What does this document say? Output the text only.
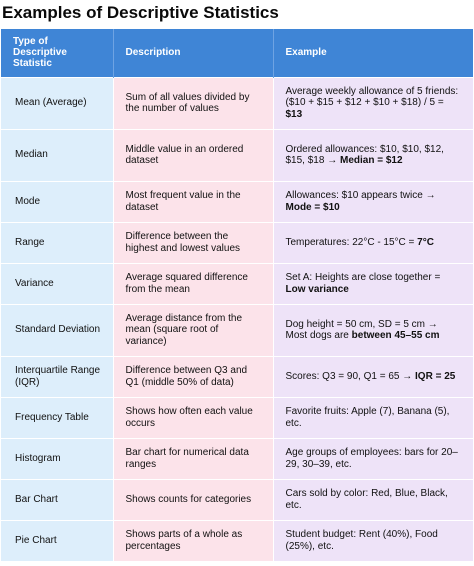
Examples of Descriptive Statistics
Type of Descriptive Statistic	Description	Example
Mean (Average)	Sum of all values divided by the number of values	Average weekly allowance of 5 friends: ($10 + $15 + $12 + $10 + $18) / 5 = $13
Median	Middle value in an ordered dataset	Ordered allowances: $10, $10, $12, $15, $18 → Median = $12
Mode	Most frequent value in the dataset	Allowances: $10 appears twice → Mode = $10
Range	Difference between the highest and lowest values	Temperatures: 22°C - 15°C = 7°C
Variance	Average squared difference from the mean	Set A: Heights are close together = Low variance
Standard Deviation	Average distance from the mean (square root of variance)	Dog height = 50 cm, SD = 5 cm → Most dogs are between 45–55 cm
Interquartile Range (IQR)	Difference between Q3 and Q1 (middle 50% of data)	Scores: Q3 = 90, Q1 = 65 → IQR = 25
Frequency Table	Shows how often each value occurs	Favorite fruits: Apple (7), Banana (5), etc.
Histogram	Bar chart for numerical data ranges	Age groups of employees: bars for 20–29, 30–39, etc.
Bar Chart	Shows counts for categories	Cars sold by color: Red, Blue, Black, etc.
Pie Chart	Shows parts of a whole as percentages	Student budget: Rent (40%), Food (25%), etc.
